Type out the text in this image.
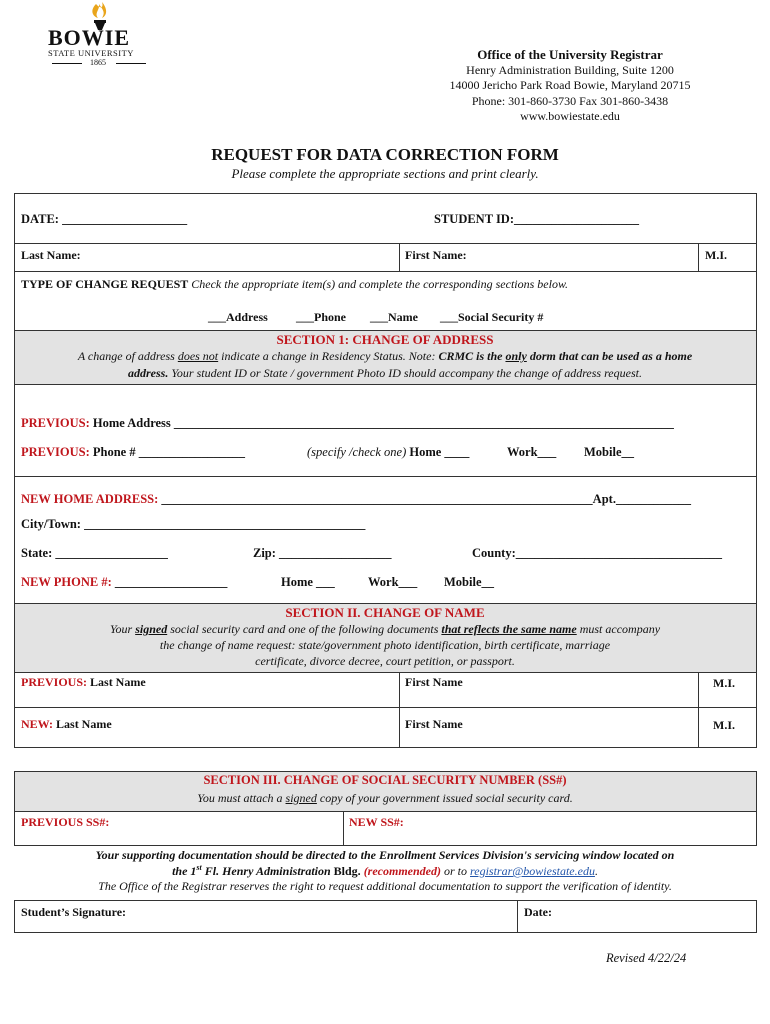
BOWIE
STATE UNIVERSITY
1865
Office of the University Registrar
Henry Administration Building, Suite 1200
14000 Jericho Park Road Bowie, Maryland 20715
Phone: 301-860-3730 Fax 301-860-3438
www.bowiestate.edu
REQUEST FOR DATA CORRECTION FORM
Please complete the appropriate sections and print clearly.
DATE: ____________________	STUDENT ID:____________________
Last Name:	First Name:	M.I.
TYPE OF CHANGE REQUEST Check the appropriate item(s) and complete the corresponding sections below.
___Address ___Phone ___Name ___Social Security #
SECTION 1: CHANGE OF ADDRESS
A change of address does not indicate a change in Residency Status. Note: CRMC is the only dorm that can be used as a home
address. Your student ID or State / government Photo ID should accompany the change of address request.
PREVIOUS: Home Address ________________________________________________________________________________
PREVIOUS: Phone # _________________	(specify /check one) Home ____	Work___ Mobile__
NEW HOME ADDRESS: _____________________________________________________________________Apt.____________
City/Town: _____________________________________________
State: __________________	Zip: __________________	County:_________________________________
NEW PHONE #: __________________	Home ___	Work___ Mobile__
SECTION II. CHANGE OF NAME
Your signed social security card and one of the following documents that reflects the same name must accompany
the change of name request: state/government photo identification, birth certificate, marriage
certificate, divorce decree, court petition, or passport.
PREVIOUS: Last Name	First Name	M.I.
NEW: Last Name	First Name	M.I.
SECTION III. CHANGE OF SOCIAL SECURITY NUMBER (SS#)
You must attach a signed copy of your government issued social security card.
PREVIOUS SS#:	NEW SS#:
Your supporting documentation should be directed to the Enrollment Services Division's servicing window located on
the 1st Fl. Henry Administration Bldg. (recommended) or to registrar@bowiestate.edu.
The Office of the Registrar reserves the right to request additional documentation to support the verification of identity.
Student’s Signature:	Date:
Revised 4/22/24
